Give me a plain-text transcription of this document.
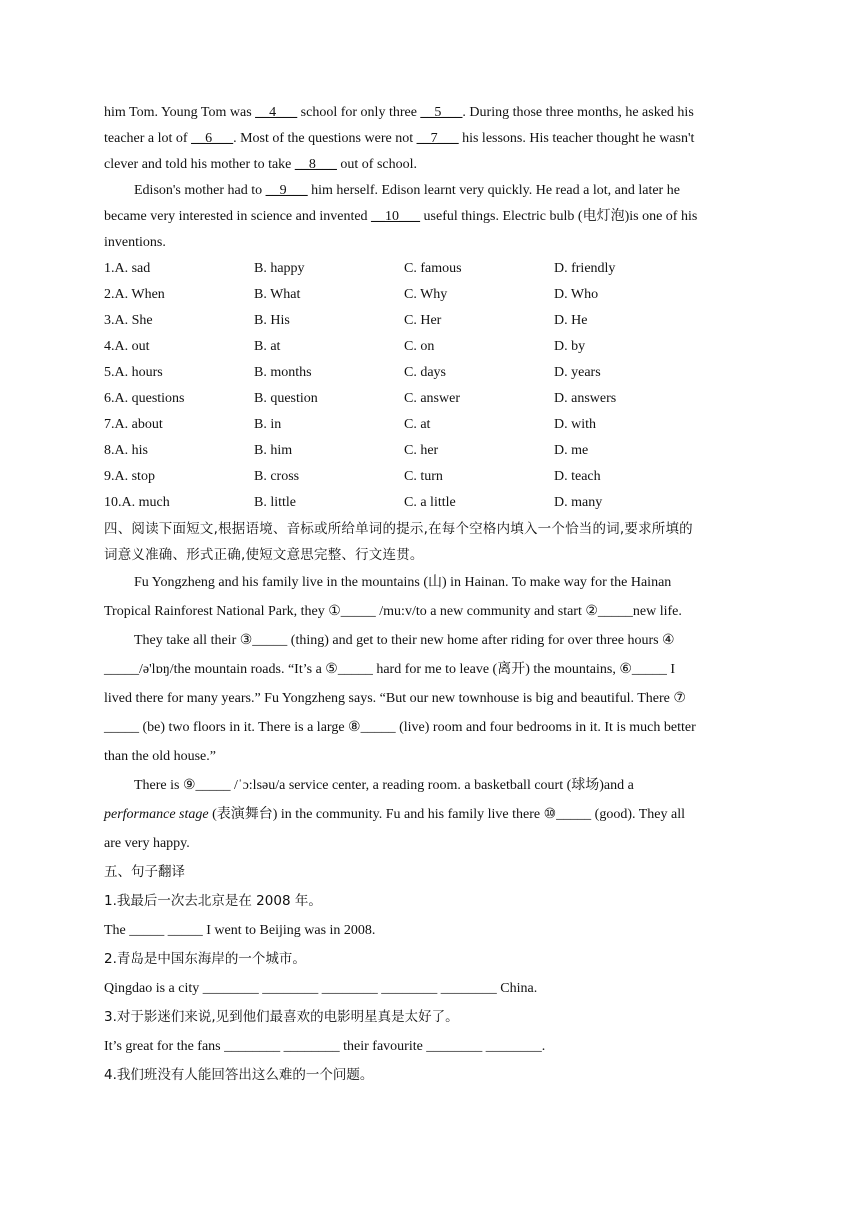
him Tom. Young Tom was __4___ school for only three __5___. During those three months, he asked his
teacher a lot of __6___. Most of the questions were not __7___ his lessons. His teacher thought he wasn't
clever and told his mother to take __8___ out of school.
Edison's mother had to __9___ him herself. Edison learnt very quickly. He read a lot, and later he
became very interested in science and invented __10___ useful things. Electric bulb (电灯泡)is one of his
inventions.
1.A. sad	B. happy	C. famous	D. friendly
2.A. When	B. What	C. Why	D. Who
3.A. She	B. His	C. Her	D. He
4.A. out	B. at	C. on	D. by
5.A. hours	B. months	C. days	D. years
6.A. questions	B. question	C. answer	D. answers
7.A. about	B. in	C. at	D. with
8.A. his	B. him	C. her	D. me
9.A. stop	B. cross	C. turn	D. teach
10.A. much	B. little	C. a little	D. many
四、阅读下面短文,根据语境、音标或所给单词的提示,在每个空格内填入一个恰当的词,要求所填的
词意义准确、形式正确,使短文意思完整、行文连贯。
Fu Yongzheng and his family live in the mountains (山) in Hainan. To make way for the Hainan
Tropical Rainforest National Park, they ①_____ /mu:v/to a new community and start ②_____new life.
They take all their ③_____ (thing) and get to their new home after riding for over three hours ④
_____/ə'lɒŋ/the mountain roads. “It’s a ⑤_____ hard for me to leave (离开) the mountains, ⑥_____ I
lived there for many years.” Fu Yongzheng says. “But our new townhouse is big and beautiful. There ⑦
_____ (be) two floors in it. There is a large ⑧_____ (live) room and four bedrooms in it. It is much better
than the old house.”
There is ⑨_____ /ˈɔ:lsəu/a service center, a reading room. a basketball court (球场)and a
performance stage (表演舞台) in the community. Fu and his family live there ⑩_____ (good). They all
are very happy.
五、句子翻译
1.我最后一次去北京是在 2008 年。
The _____ _____ I went to Beijing was in 2008.
2.青岛是中国东海岸的一个城市。
Qingdao is a city ________ ________ ________ ________ ________ China.
3.对于影迷们来说,见到他们最喜欢的电影明星真是太好了。
It’s great for the fans ________ ________ their favourite ________ ________.
4.我们班没有人能回答出这么难的一个问题。
